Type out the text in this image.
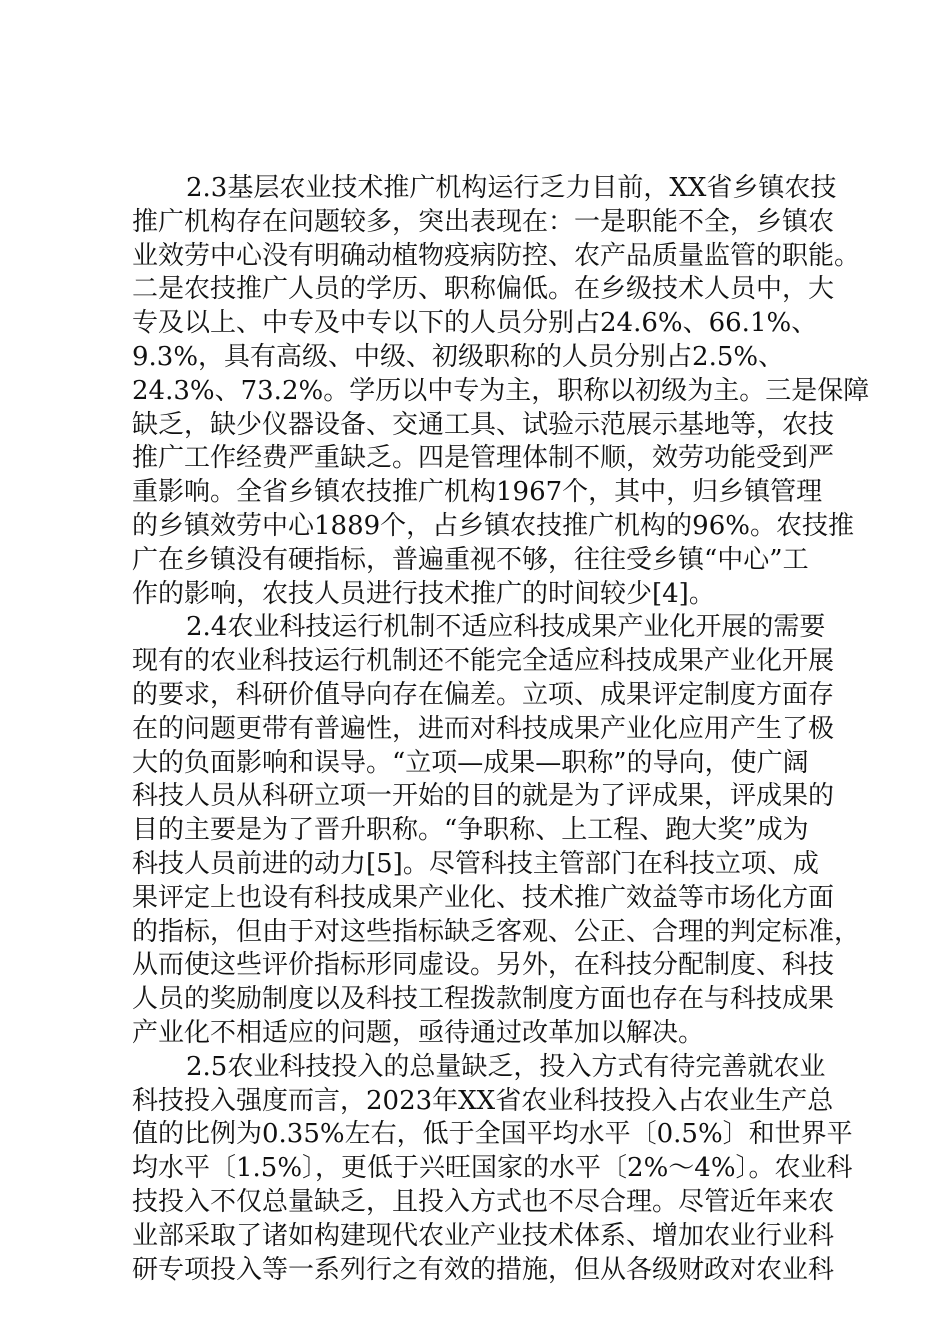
2.3基层农业技术推广机构运行乏力目前，XX省乡镇农技
推广机构存在问题较多，突出表现在：一是职能不全，乡镇农
业效劳中心没有明确动植物疫病防控、农产品质量监管的职能。
二是农技推广人员的学历、职称偏低。在乡级技术人员中，大
专及以上、中专及中专以下的人员分别占24.6%、66.1%、
9.3%，具有高级、中级、初级职称的人员分别占2.5%、
24.3%、73.2%。学历以中专为主，职称以初级为主。三是保障
缺乏，缺少仪器设备、交通工具、试验示范展示基地等，农技
推广工作经费严重缺乏。四是管理体制不顺，效劳功能受到严
重影响。全省乡镇农技推广机构1967个，其中，归乡镇管理
的乡镇效劳中心1889个，占乡镇农技推广机构的96%。农技推
广在乡镇没有硬指标，普遍重视不够，往往受乡镇“中心”工
作的影响，农技人员进行技术推广的时间较少[4]。
2.4农业科技运行机制不适应科技成果产业化开展的需要
现有的农业科技运行机制还不能完全适应科技成果产业化开展
的要求，科研价值导向存在偏差。立项、成果评定制度方面存
在的问题更带有普遍性，进而对科技成果产业化应用产生了极
大的负面影响和误导。“立项—成果—职称”的导向，使广阔
科技人员从科研立项一开始的目的就是为了评成果，评成果的
目的主要是为了晋升职称。“争职称、上工程、跑大奖”成为
科技人员前进的动力[5]。尽管科技主管部门在科技立项、成
果评定上也设有科技成果产业化、技术推广效益等市场化方面
的指标，但由于对这些指标缺乏客观、公正、合理的判定标准，
从而使这些评价指标形同虚设。另外，在科技分配制度、科技
人员的奖励制度以及科技工程拨款制度方面也存在与科技成果
产业化不相适应的问题，亟待通过改革加以解决。
2.5农业科技投入的总量缺乏，投入方式有待完善就农业
科技投入强度而言，2023年XX省农业科技投入占农业生产总
值的比例为0.35%左右，低于全国平均水平〔0.5%〕和世界平
均水平〔1.5%〕，更低于兴旺国家的水平〔2%～4%〕。农业科
技投入不仅总量缺乏，且投入方式也不尽合理。尽管近年来农
业部采取了诸如构建现代农业产业技术体系、增加农业行业科
研专项投入等一系列行之有效的措施，但从各级财政对农业科
